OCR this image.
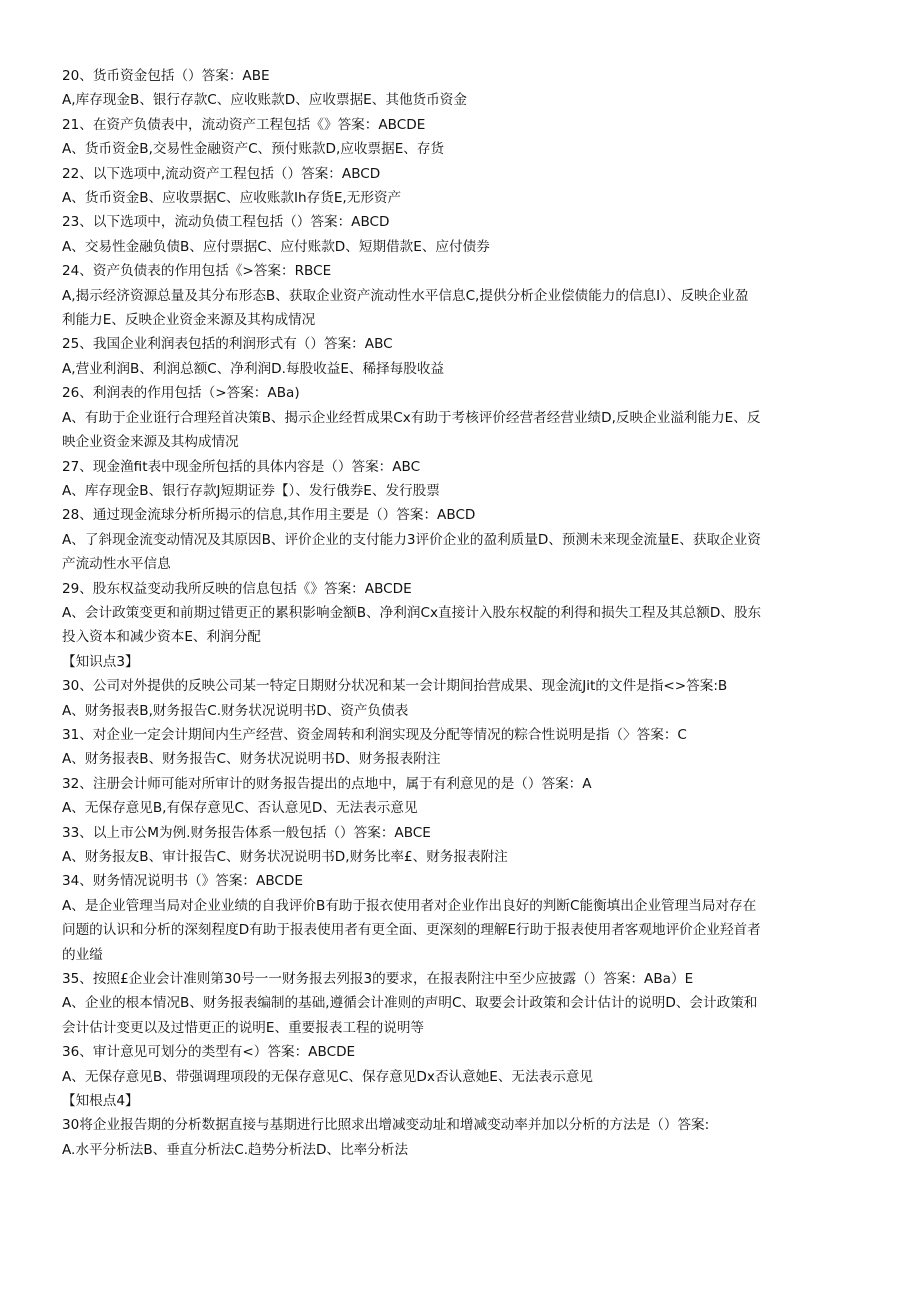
20、货币资金包括（）答案：ABE
A,库存现金B、银行存款C、应收账款D、应收票据E、其他货币资金
21、在资产负债表中，流动资产工程包括《》答案：ABCDE
A、货币资金B,交易性金融资产C、预付账款D,应收票据E、存货
22、以下选项中,流动资产工程包括（）答案：ABCD
A、货币资金B、应收票据C、应收账款Ih存货E,无形资产
23、以下选项中，流动负债工程包括（）答案：ABCD
A、交易性金融负债B、应付票据C、应付账款D、短期借款E、应付债券
24、资产负债表的作用包括《>答案：RBCE
A,揭示经济资源总量及其分布形态B、获取企业资产流动性水平信息C,提供分析企业偿债能力的信息I）、反映企业盈
利能力E、反映企业资金来源及其构成情况
25、我国企业利润表包括的利润形式有（）答案：ABC
A,营业利润B、利润总额C、净利润D.每股收益E、稀择每股收益
26、利润表的作用包括（>答案：ABa)
A、有助于企业诳行合理羟首决策B、揭示企业经哲成果Cx有助于考核评价经营者经营业绩D,反映企业溢利能力E、反
映企业资金来源及其构成情况
27、现金渔fit表中现金所包括的具体内容是（）答案：ABC
A、库存现金B、银行存款J短期证券【）、发行俄券E、发行股票
28、通过现金流球分析所揭示的信息,其作用主要是（）答案：ABCD
A、了斜现金流变动情况及其原因B、评价企业的支付能力3评价企业的盈利质量D、预测未来现金流量E、获取企业资
产流动性水平信息
29、股东权益变动我所反映的信息包括《》答案：ABCDE
A、会计政策变更和前期过错更正的累积影响金额B、净利润Cx直接计入股东权靛的利得和损失工程及其总额D、股东
投入资本和减少资本E、利润分配
【知识点3】
30、公司对外提供的反映公司某一特定日期财分状况和某一会计期间抬营成果、现金流Jit的文件是指<>答案:B
A、财务报表B,财务报告C.财务状况说明书D、资产负债表
31、对企业一定会计期间内生产经营、资金周转和利润实现及分配等情况的粽合性说明是指（〉答案：C
A、财务报表B、财务报告C、财务状况说明书D、财务报表附注
32、注册会计师可能对所审计的财务报告提出的点地中，属于有利意见的是（）答案：A
A、无保存意见B,有保存意见C、否认意见D、无法表示意见
33、以上市公M为例.财务报告体系一般包括（）答案：ABCE
A、财务报友B、审计报告C、财务状况说明书D,财务比率£、财务报表附注
34、财务情况说明书（》答案：ABCDE
A、是企业管理当局对企业业绩的自我评价B有助于报衣使用者对企业作出良好的判断C能衡填出企业管理当局对存在
问题的认识和分析的深刻程度D有助于报表使用者有更全面、更深刻的理解E行助于报表使用者客观地评价企业羟首者
的业缢
35、按照£企业会计准则第30号一一财务报去列报3的要求，在报表附注中至少应披露（）答案：ABa）E
A、企业的根本情况B、财务报表编制的基础,遵循会计准则的声明C、取要会计政策和会计估计的说明D、会计政策和
会计估计变更以及过惜更正的说明E、重要报表工程的说明等
36、审计意见可划分的类型有<）答案：ABCDE
A、无保存意见B、带强调理项段的无保存意见C、保存意见Dx否认意她E、无法表示意见
【知根点4】
30将企业报告期的分析数据直接与基期进行比照求出增减变动址和增减变动率并加以分析的方法是（）答案:
A.水平分析法B、垂直分析法C.趋势分析法D、比率分析法
